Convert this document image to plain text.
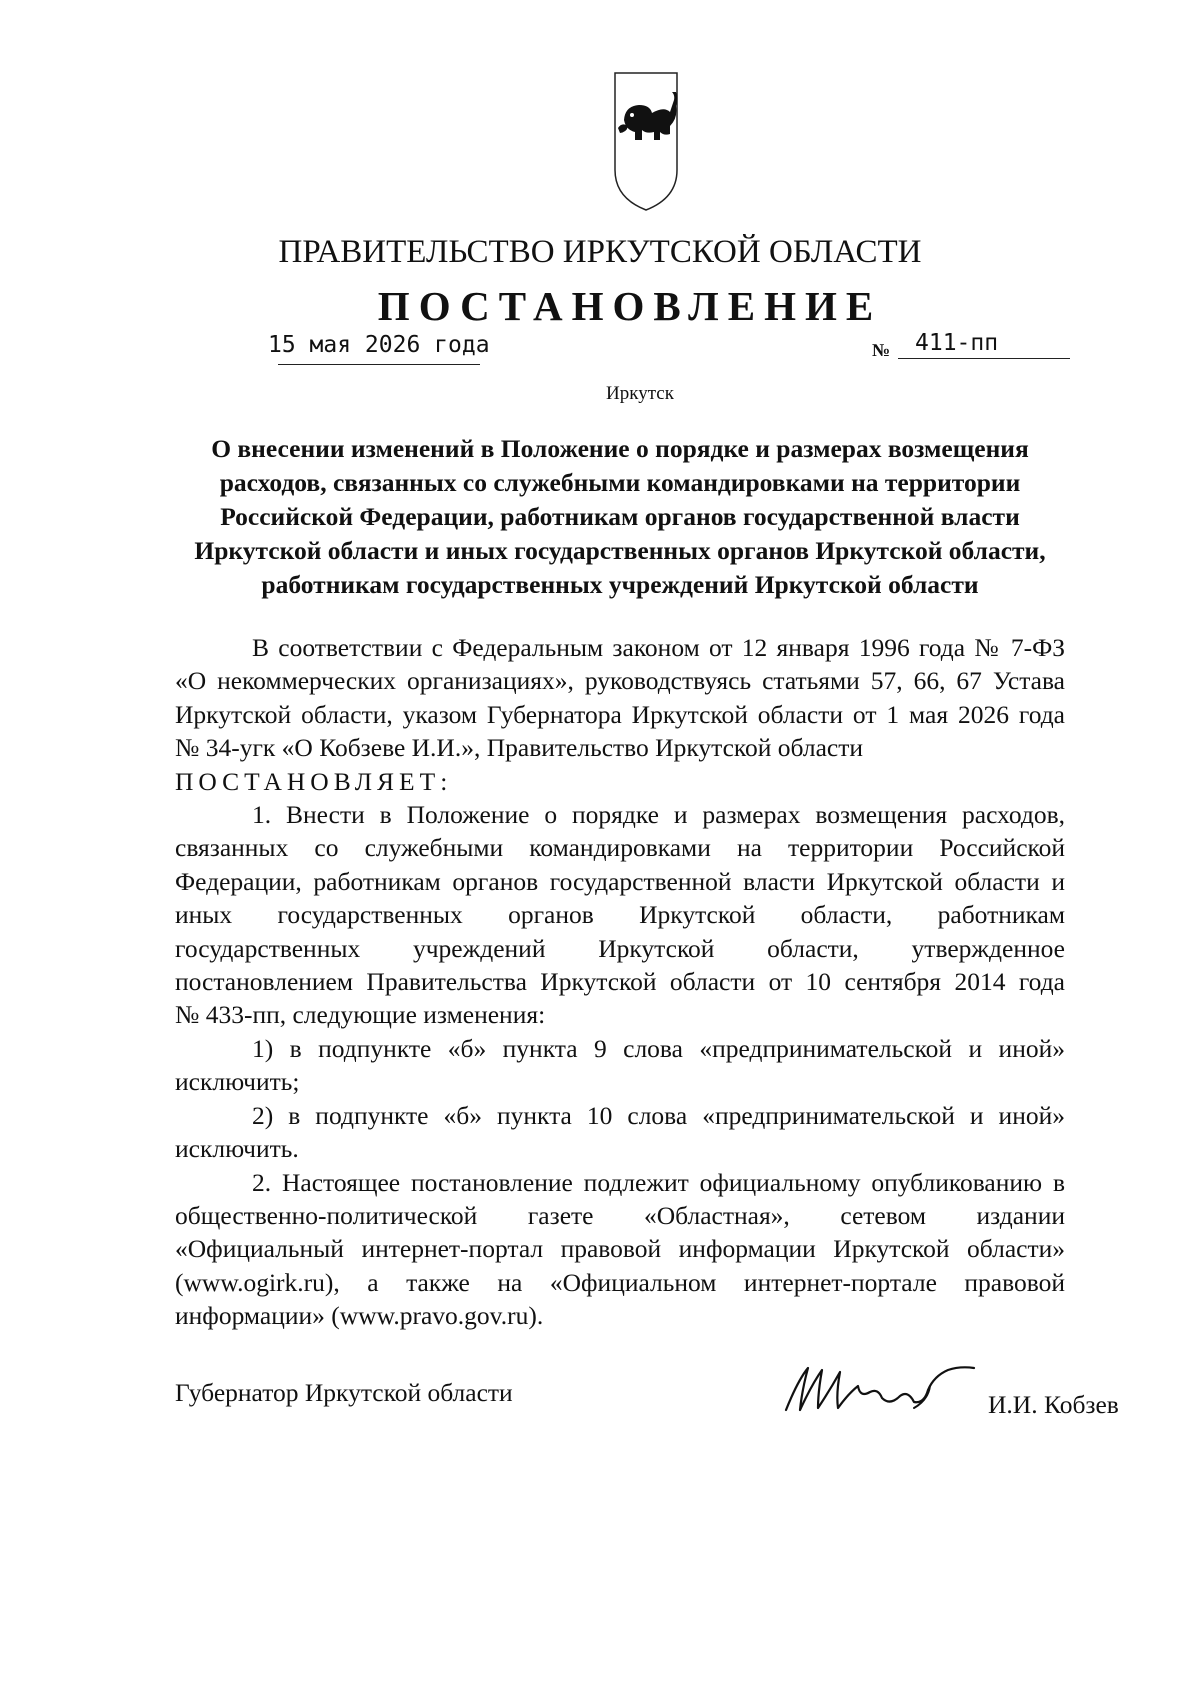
ПРАВИТЕЛЬСТВО ИРКУТСКОЙ ОБЛАСТИ
ПОСТАНОВЛЕНИЕ
15 мая 2026 года	№ 411-пп
Иркутск
О внесении изменений в Положение о порядке и размерах возмещения
расходов, связанных со служебными командировками на территории
Российской Федерации, работникам органов государственной власти
Иркутской области и иных государственных органов Иркутской области,
работникам государственных учреждений Иркутской области
В соответствии с Федеральным законом от 12 января 1996 года № 7-ФЗ
«О некоммерческих организациях», руководствуясь статьями 57, 66, 67 Устава
Иркутской области, указом Губернатора Иркутской области от 1 мая 2026 года
№ 34-угк «О Кобзеве И.И.», Правительство Иркутской области
ПОСТАНОВЛЯЕТ:
1. Внести в Положение о порядке и размерах возмещения расходов,
связанных со служебными командировками на территории Российской
Федерации, работникам органов государственной власти Иркутской области и
иных государственных органов Иркутской области, работникам
государственных учреждений Иркутской области, утвержденное
постановлением Правительства Иркутской области от 10 сентября 2014 года
№ 433-пп, следующие изменения:
1) в подпункте «б» пункта 9 слова «предпринимательской и иной»
исключить;
2) в подпункте «б» пункта 10 слова «предпринимательской и иной»
исключить.
2. Настоящее постановление подлежит официальному опубликованию в
общественно-политической газете «Областная», сетевом издании
«Официальный интернет-портал правовой информации Иркутской области»
(www.ogirk.ru), а также на «Официальном интернет-портале правовой
информации» (www.pravo.gov.ru).
Губернатор Иркутской области	И.И. Кобзев
